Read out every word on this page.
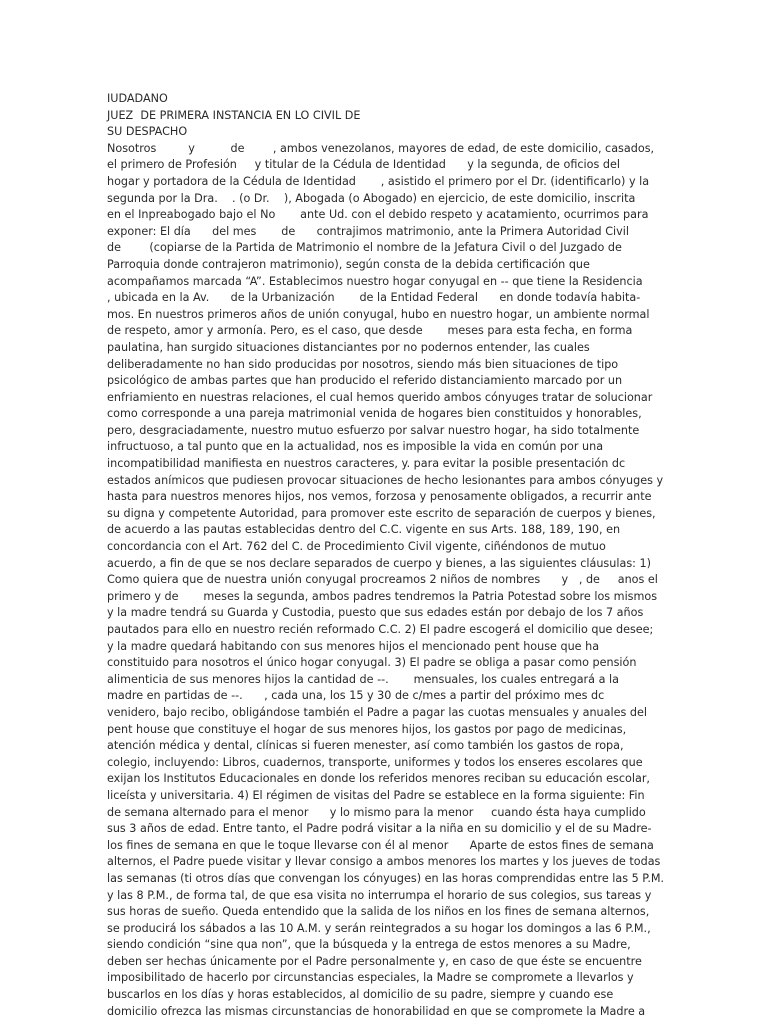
IUDADANO
JUEZ  DE PRIMERA INSTANCIA EN LO CIVIL DE
SU DESPACHO
Nosotros         y          de        , ambos venezolanos, mayores de edad, de este domicilio, casados,
el primero de Profesión     y titular de la Cédula de Identidad      y la segunda, de oficios del
hogar y portadora de la Cédula de Identidad       , asistido el primero por el Dr. (identificarlo) y la
segunda por la Dra.    . (o Dr.    ), Abogada (o Abogado) en ejercicio, de este domicilio, inscrita
en el Inpreabogado bajo el No       ante Ud. con el debido respeto y acatamiento, ocurrimos para
exponer: El día      del mes       de      contrajimos matrimonio, ante la Primera Autoridad Civil
de        (copiarse de la Partida de Matrimonio el nombre de la Jefatura Civil o del Juzgado de
Parroquia donde contrajeron matrimonio), según consta de la debida certificación que
acompañamos marcada “A”. Establecimos nuestro hogar conyugal en -- que tiene la Residencia
, ubicada en la Av.      de la Urbanización       de la Entidad Federal      en donde todavía habita-
mos. En nuestros primeros años de unión conyugal, hubo en nuestro hogar, un ambiente normal
de respeto, amor y armonía. Pero, es el caso, que desde       meses para esta fecha, en forma
paulatina, han surgido situaciones distanciantes por no podernos entender, las cuales
deliberadamente no han sido producidas por nosotros, siendo más bien situaciones de tipo
psicológico de ambas partes que han producido el referido distanciamiento marcado por un
enfriamiento en nuestras relaciones, el cual hemos querido ambos cónyuges tratar de solucionar
como corresponde a una pareja matrimonial venida de hogares bien constituidos y honorables,
pero, desgraciadamente, nuestro mutuo esfuerzo por salvar nuestro hogar, ha sido totalmente
infructuoso, a tal punto que en la actualidad, nos es imposible la vida en común por una
incompatibilidad manifiesta en nuestros caracteres, y. para evitar la posible presentación dc
estados anímicos que pudiesen provocar situaciones de hecho lesionantes para ambos cónyuges y
hasta para nuestros menores hijos, nos vemos, forzosa y penosamente obligados, a recurrir ante
su digna y competente Autoridad, para promover este escrito de separación de cuerpos y bienes,
de acuerdo a las pautas establecidas dentro del C.C. vigente en sus Arts. 188, 189, 190, en
concordancia con el Art. 762 del C. de Procedimiento Civil vigente, ciñéndonos de mutuo
acuerdo, a fin de que se nos declare separados de cuerpo y bienes, a las siguientes cláusulas: 1)
Como quiera que de nuestra unión conyugal procreamos 2 niños de nombres      y   , de     anos el
primero y de       meses la segunda, ambos padres tendremos la Patria Potestad sobre los mismos
y la madre tendrá su Guarda y Custodia, puesto que sus edades están por debajo de los 7 años
pautados para ello en nuestro recién reformado C.C. 2) El padre escogerá el domicilio que desee;
y la madre quedará habitando con sus menores hijos el mencionado pent house que ha
constituido para nosotros el único hogar conyugal. 3) El padre se obliga a pasar como pensión
alimenticia de sus menores hijos la cantidad de --.       mensuales, los cuales entregará a la
madre en partidas de --.      , cada una, los 15 y 30 de c/mes a partir del próximo mes dc
venidero, bajo recibo, obligándose también el Padre a pagar las cuotas mensuales y anuales del
pent house que constituye el hogar de sus menores hijos, los gastos por pago de medicinas,
atención médica y dental, clínicas si fueren menester, así como también los gastos de ropa,
colegio, incluyendo: Libros, cuadernos, transporte, uniformes y todos los enseres escolares que
exijan los Institutos Educacionales en donde los referidos menores reciban su educación escolar,
liceísta y universitaria. 4) El régimen de visitas del Padre se establece en la forma siguiente: Fin
de semana alternado para el menor      y lo mismo para la menor     cuando ésta haya cumplido
sus 3 años de edad. Entre tanto, el Padre podrá visitar a la niña en su domicilio y el de su Madre-
los fines de semana en que le toque llevarse con él al menor      Aparte de estos fines de semana
alternos, el Padre puede visitar y llevar consigo a ambos menores los martes y los jueves de todas
las semanas (ti otros días que convengan los cónyuges) en las horas comprendidas entre las 5 P.M.
y las 8 P.M., de forma tal, de que esa visita no interrumpa el horario de sus colegios, sus tareas y
sus horas de sueño. Queda entendido que la salida de los niños en los fines de semana alternos,
se producirá los sábados a las 10 A.M. y serán reintegrados a su hogar los domingos a las 6 P.M.,
siendo condición “sine qua non”, que la búsqueda y la entrega de estos menores a su Madre,
deben ser hechas únicamente por el Padre personalmente y, en caso de que éste se encuentre
imposibilitado de hacerlo por circunstancias especiales, la Madre se compromete a llevarlos y
buscarlos en los días y horas establecidos, al domicilio de su padre, siempre y cuando ese
domicilio ofrezca las mismas circunstancias de honorabilidad en que se compromete la Madre a
